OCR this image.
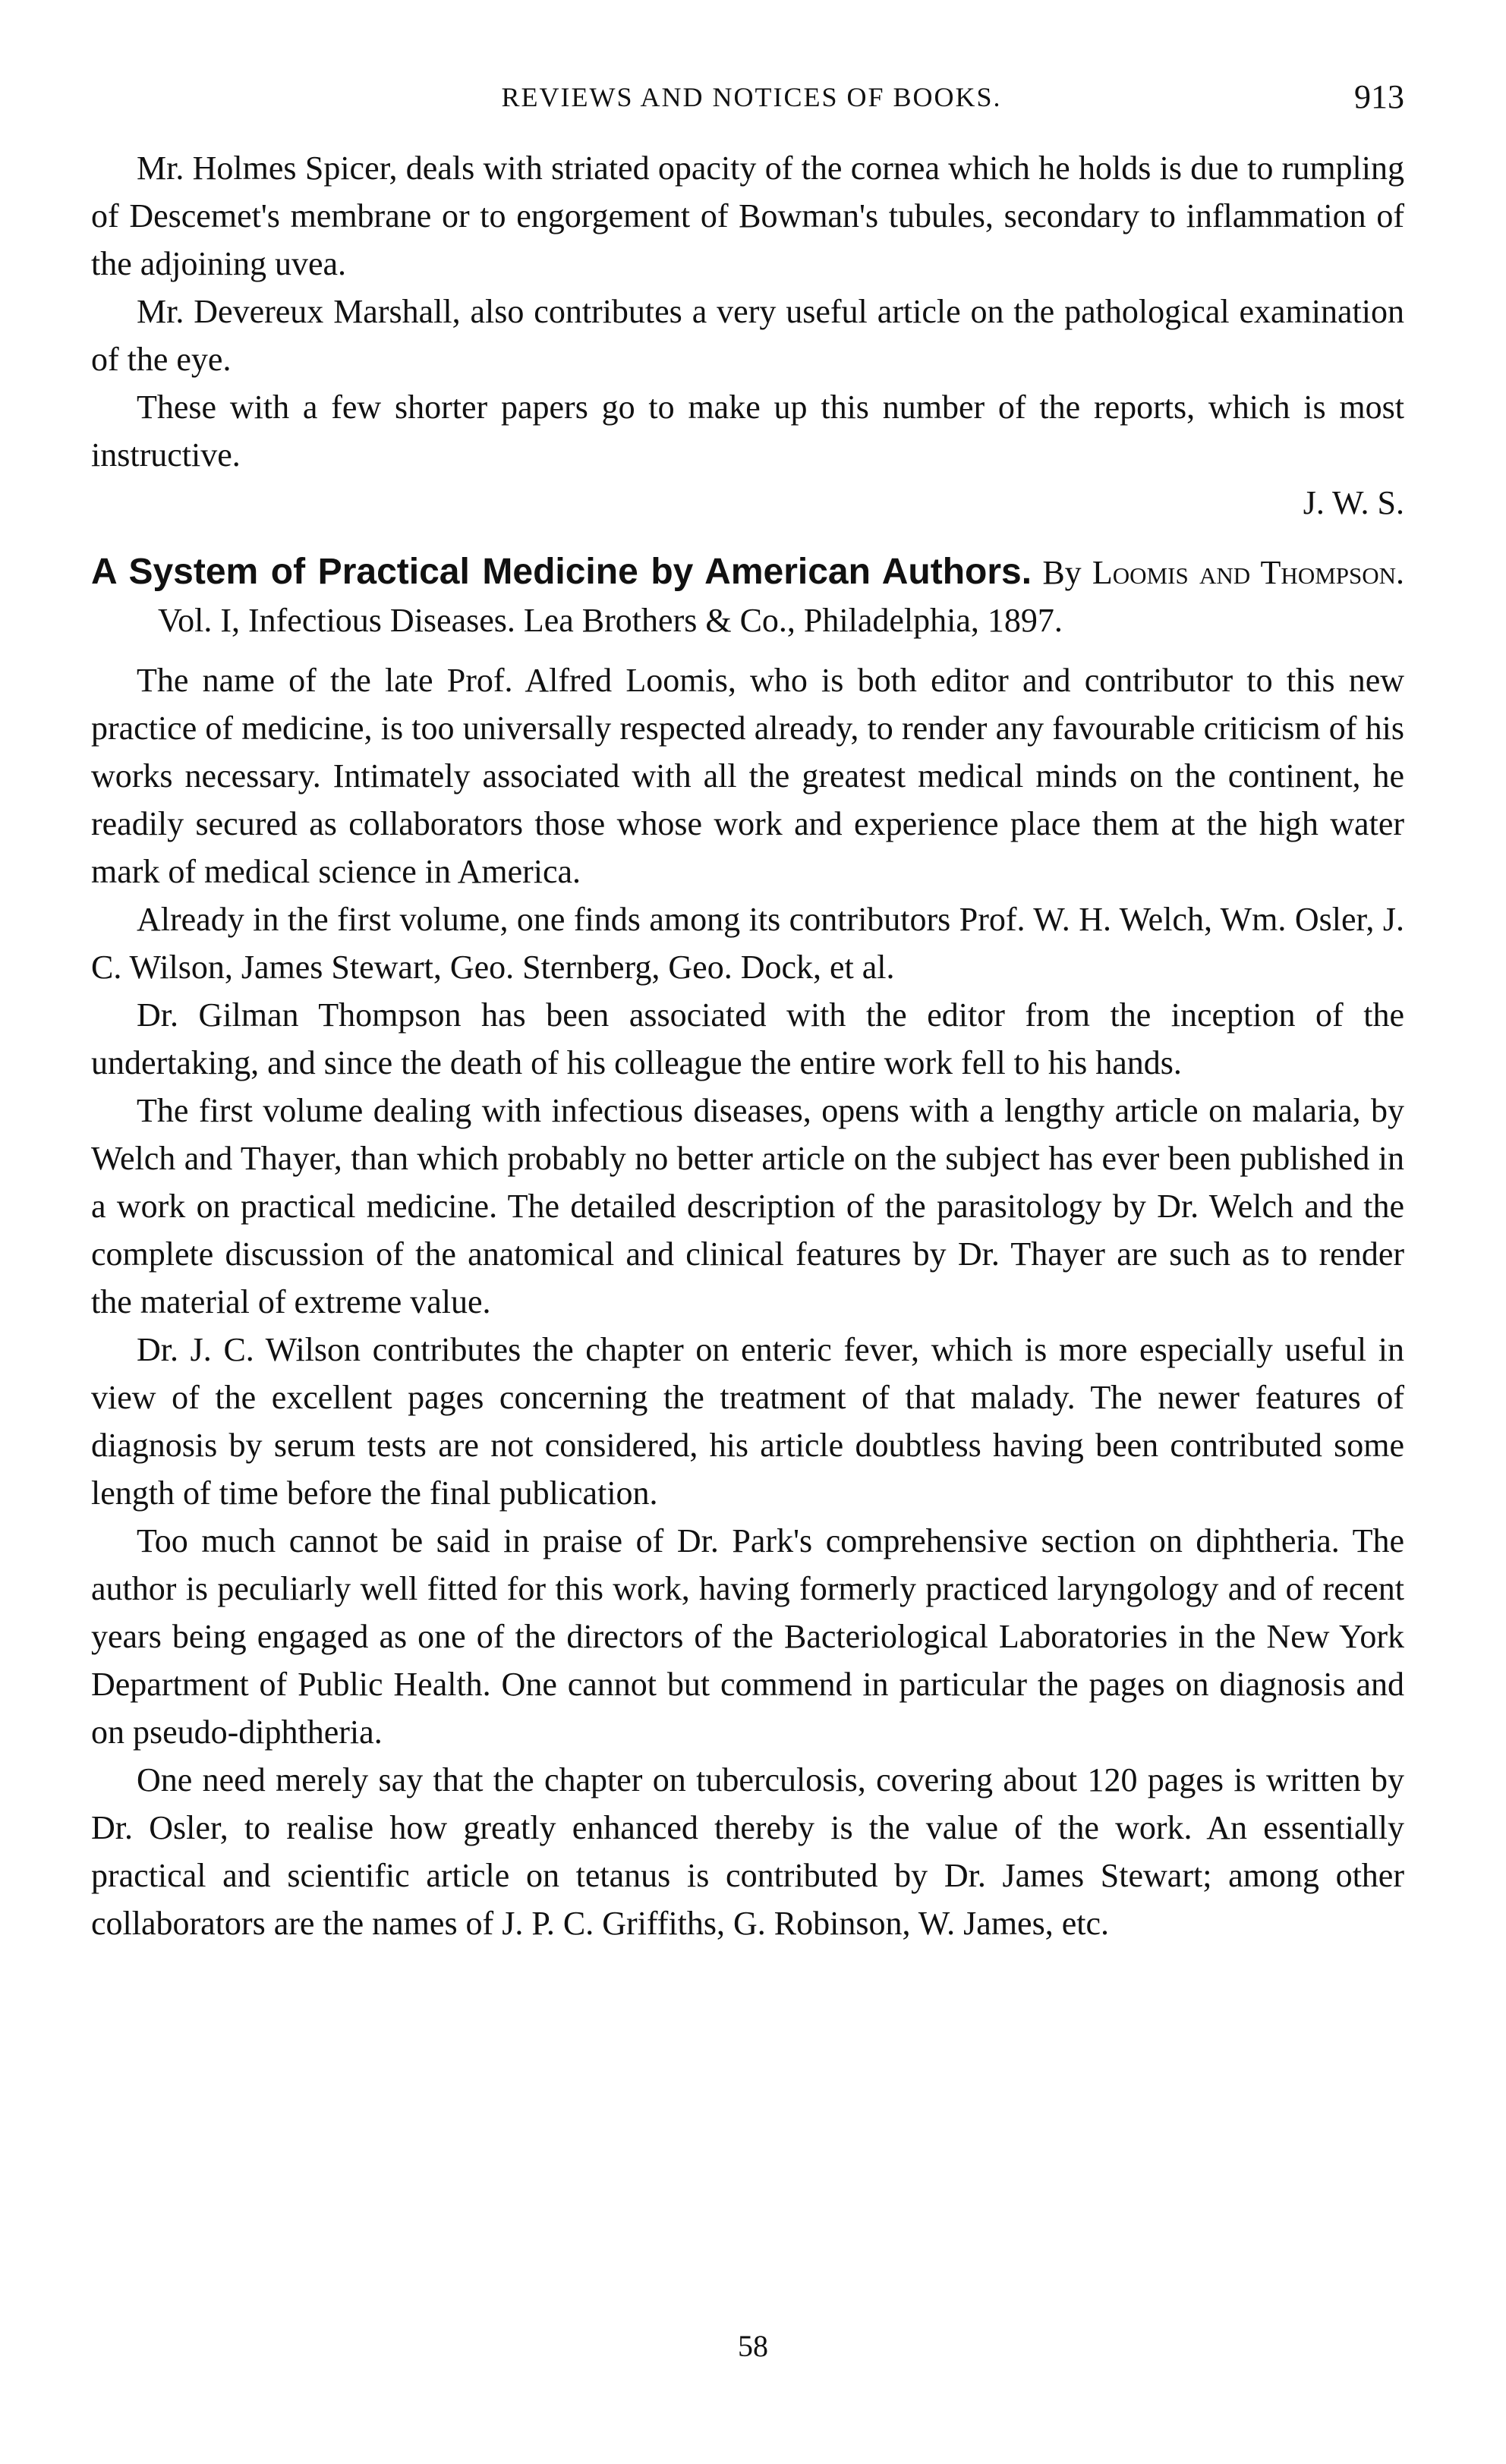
REVIEWS AND NOTICES OF BOOKS.	913

Mr. Holmes Spicer, deals with striated opacity of the cornea which he holds is due to rumpling of Descemet's membrane or to engorgement of Bowman's tubules, secondary to inflammation of the adjoining uvea.

Mr. Devereux Marshall, also contributes a very useful article on the pathological examination of the eye.

These with a few shorter papers go to make up this number of the reports, which is most instructive.

J. W. S.

A System of Practical Medicine by American Authors. By Loomis and Thompson. Vol. I, Infectious Diseases. Lea Brothers & Co., Philadelphia, 1897.

The name of the late Prof. Alfred Loomis, who is both editor and contributor to this new practice of medicine, is too universally respected already, to render any favourable criticism of his works necessary. Intimately associated with all the greatest medical minds on the continent, he readily secured as collaborators those whose work and experience place them at the high water mark of medical science in America.

Already in the first volume, one finds among its contributors Prof. W. H. Welch, Wm. Osler, J. C. Wilson, James Stewart, Geo. Sternberg, Geo. Dock, et al.

Dr. Gilman Thompson has been associated with the editor from the inception of the undertaking, and since the death of his colleague the entire work fell to his hands.

The first volume dealing with infectious diseases, opens with a lengthy article on malaria, by Welch and Thayer, than which probably no better article on the subject has ever been published in a work on practical medicine. The detailed description of the parasitology by Dr. Welch and the complete discussion of the anatomical and clinical features by Dr. Thayer are such as to render the material of extreme value.

Dr. J. C. Wilson contributes the chapter on enteric fever, which is more especially useful in view of the excellent pages concerning the treatment of that malady. The newer features of diagnosis by serum tests are not considered, his article doubtless having been contributed some length of time before the final publication.

Too much cannot be said in praise of Dr. Park's comprehensive section on diphtheria. The author is peculiarly well fitted for this work, having formerly practiced laryngology and of recent years being engaged as one of the directors of the Bacteriological Laboratories in the New York Department of Public Health. One cannot but commend in particular the pages on diagnosis and on pseudo-diphtheria.

One need merely say that the chapter on tuberculosis, covering about 120 pages is written by Dr. Osler, to realise how greatly enhanced thereby is the value of the work. An essentially practical and scientific article on tetanus is contributed by Dr. James Stewart; among other collaborators are the names of J. P. C. Griffiths, G. Robinson, W. James, etc.

58
